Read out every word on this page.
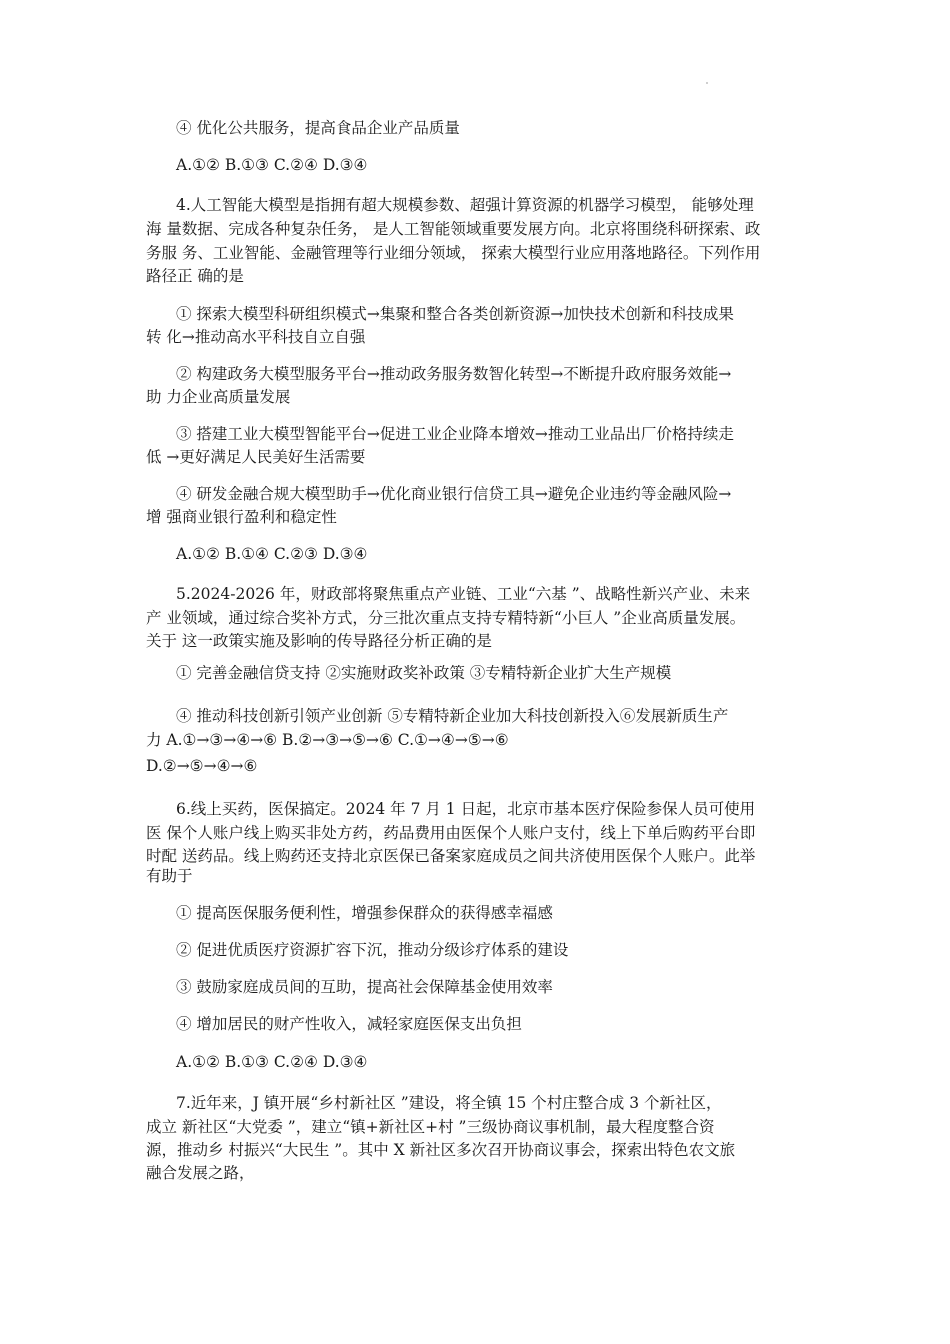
④ 优化公共服务，提高食品企业产品质量
A.①② B.①③ C.②④ D.③④
4.人工智能大模型是指拥有超大规模参数、超强计算资源的机器学习模型， 能够处理
海 量数据、完成各种复杂任务， 是人工智能领域重要发展方向。北京将围绕科研探索、政
务服 务、工业智能、金融管理等行业细分领域， 探索大模型行业应用落地路径。下列作用
路径正 确的是
① 探索大模型科研组织模式→集聚和整合各类创新资源→加快技术创新和科技成果
转 化→推动高水平科技自立自强
② 构建政务大模型服务平台→推动政务服务数智化转型→不断提升政府服务效能→
助 力企业高质量发展
③ 搭建工业大模型智能平台→促进工业企业降本增效→推动工业品出厂价格持续走
低 →更好满足人民美好生活需要
④ 研发金融合规大模型助手→优化商业银行信贷工具→避免企业违约等金融风险→
增 强商业银行盈利和稳定性
A.①② B.①④ C.②③ D.③④
5.2024-2026 年，财政部将聚焦重点产业链、工业“六基 ”、战略性新兴产业、未来
产 业领域，通过综合奖补方式，分三批次重点支持专精特新“小巨人 ”企业高质量发展。
关于 这一政策实施及影响的传导路径分析正确的是
① 完善金融信贷支持 ②实施财政奖补政策 ③专精特新企业扩大生产规模
④ 推动科技创新引领产业创新 ⑤专精特新企业加大科技创新投入⑥发展新质生产
力 A.①→③→④→⑥ B.②→③→⑤→⑥ C.①→④→⑤→⑥
D.②→⑤→④→⑥
6.线上买药，医保搞定。2024 年 7 月 1 日起，北京市基本医疗保险参保人员可使用
医 保个人账户线上购买非处方药，药品费用由医保个人账户支付，线上下单后购药平台即
时配 送药品。线上购药还支持北京医保已备案家庭成员之间共济使用医保个人账户。此举
有助于
① 提高医保服务便利性，增强参保群众的获得感幸福感
② 促进优质医疗资源扩容下沉，推动分级诊疗体系的建设
③ 鼓励家庭成员间的互助，提高社会保障基金使用效率
④ 增加居民的财产性收入，减轻家庭医保支出负担
A.①② B.①③ C.②④ D.③④
7.近年来，J 镇开展“乡村新社区 ”建设，将全镇 15 个村庄整合成 3 个新社区，
成立 新社区“大党委 ”，建立“镇+新社区+村 ”三级协商议事机制，最大程度整合资
源，推动乡 村振兴“大民生 ”。其中 X 新社区多次召开协商议事会，探索出特色农文旅
融合发展之路，
